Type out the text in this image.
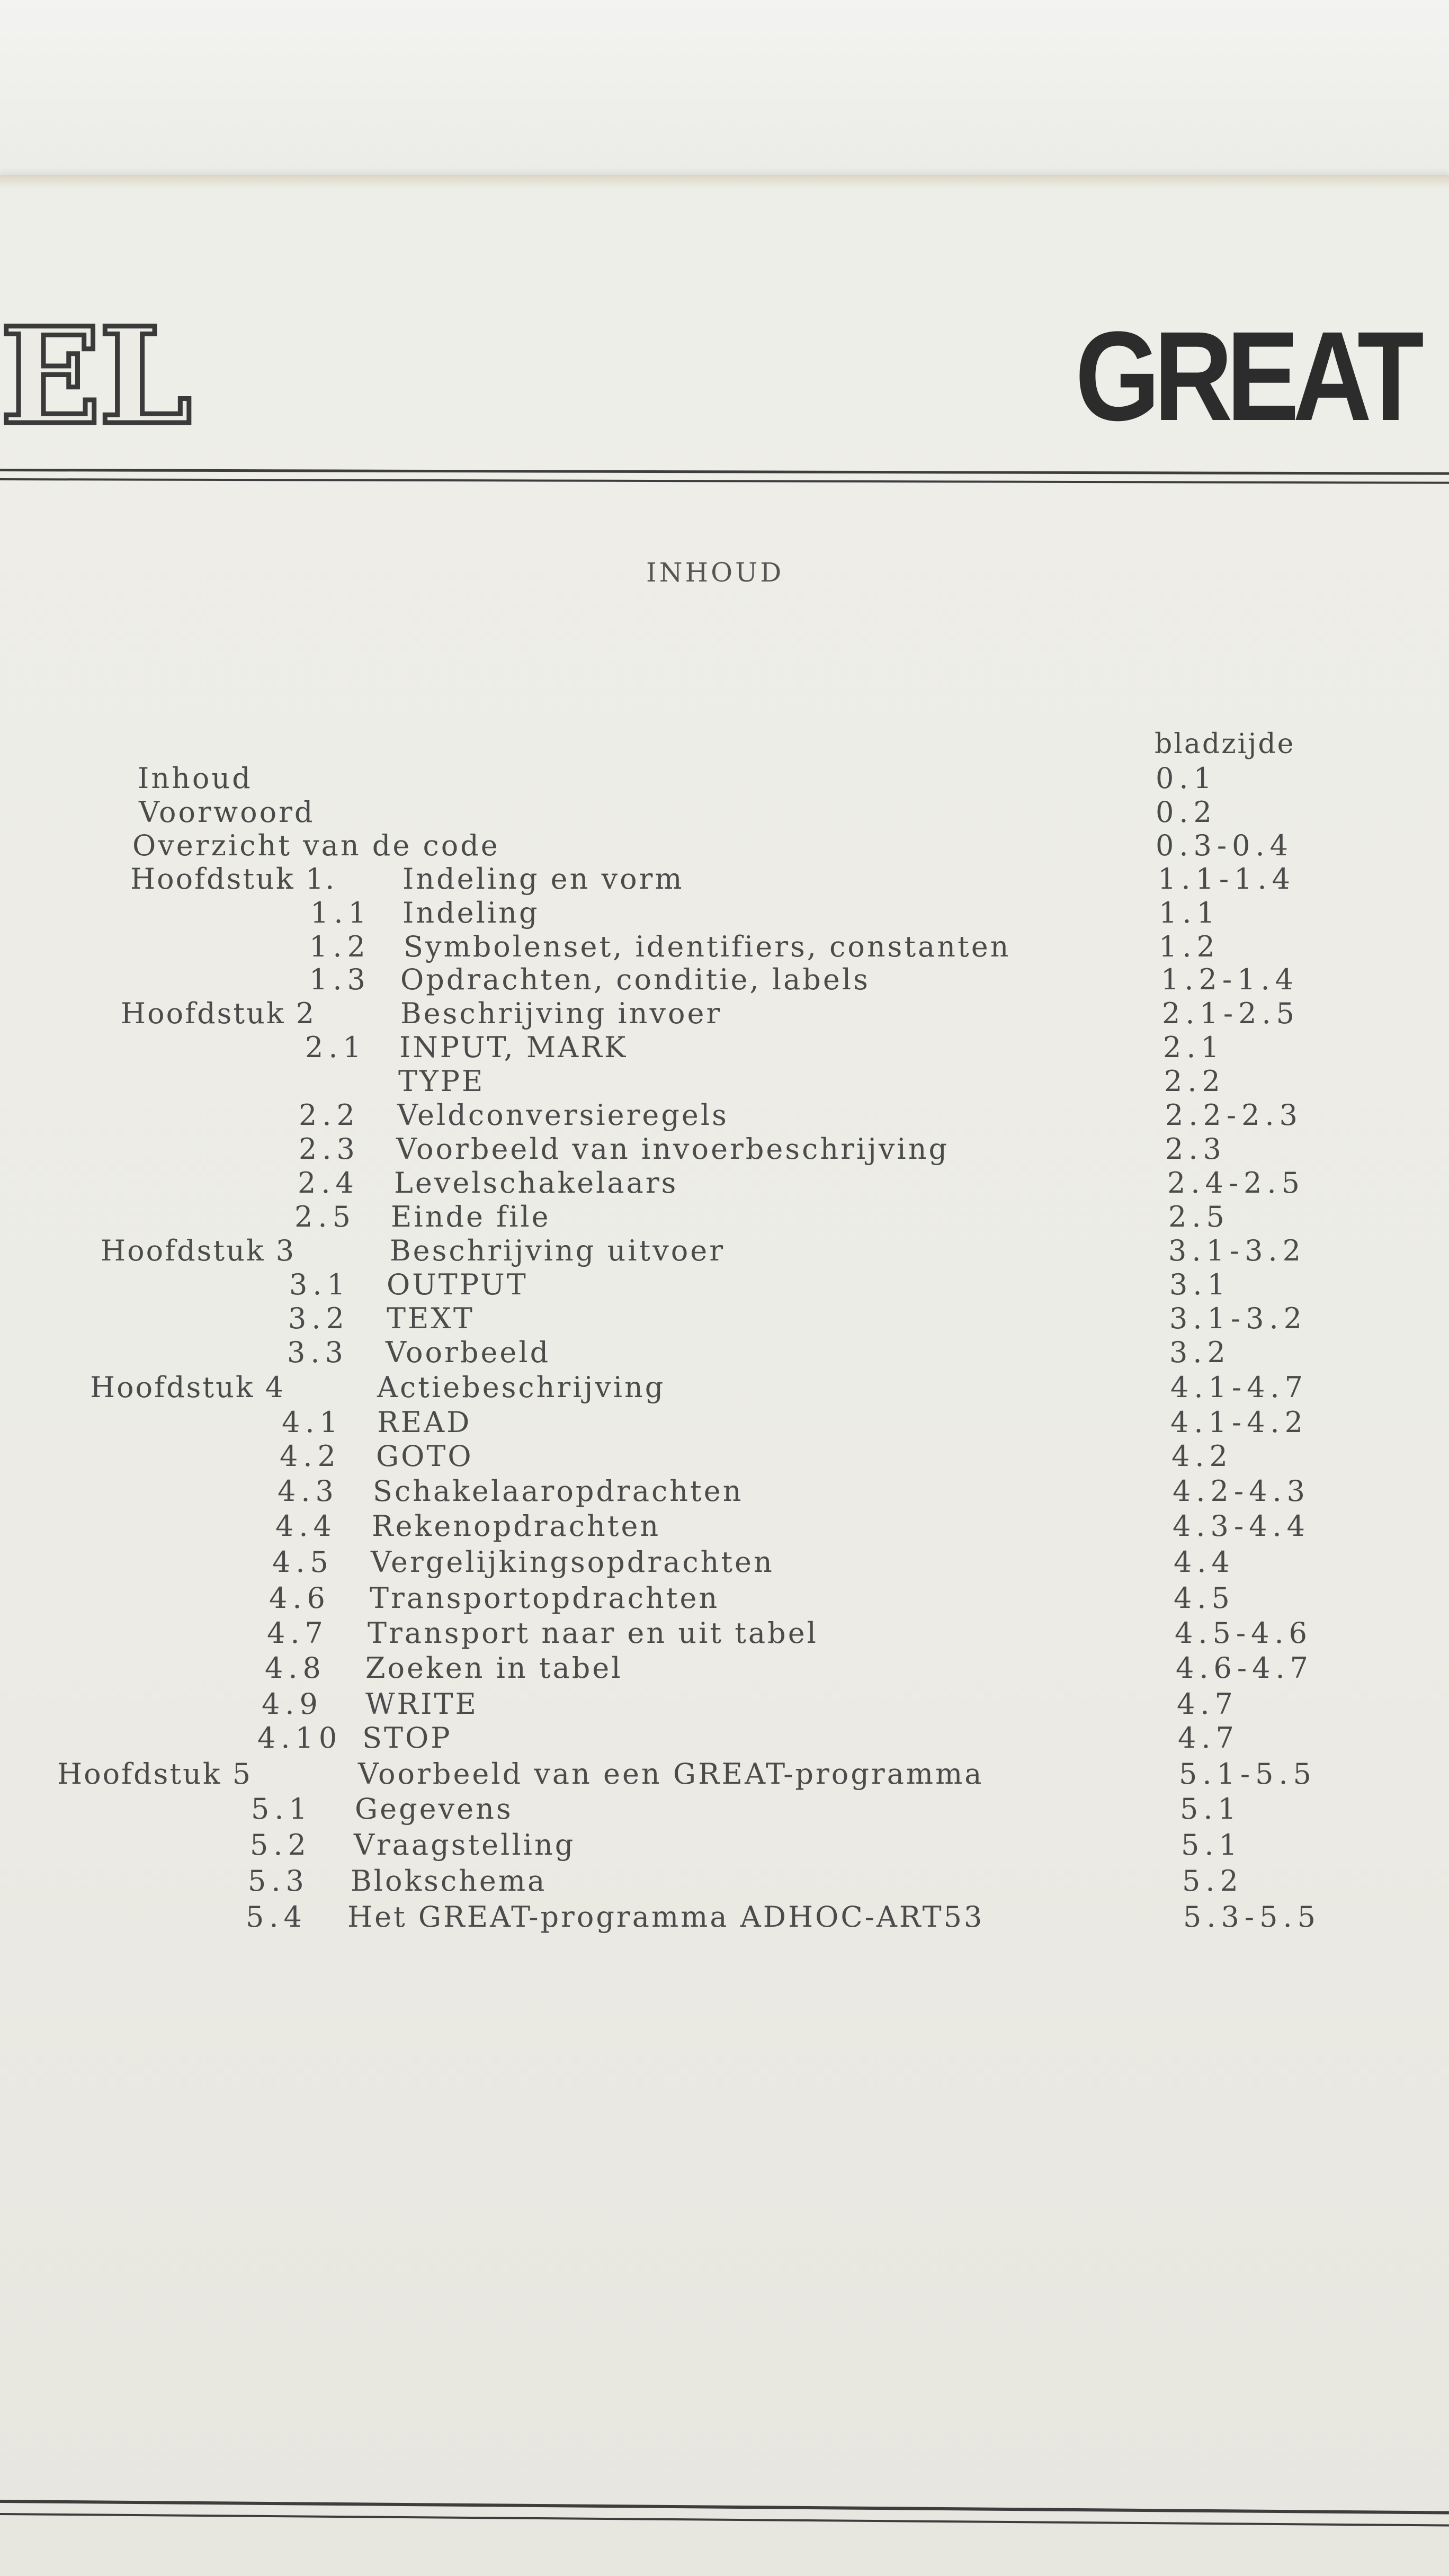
EL	GREAT
INHOUD
bladzijde
Inhoud	0.1
Voorwoord	0.2
Overzicht van de code	0.3-0.4
Hoofdstuk 1. Indeling en vorm	1.1-1.4
1.1 Indeling	1.1
1.2 Symbolenset, identifiers, constanten	1.2
1.3 Opdrachten, conditie, labels	1.2-1.4
Hoofdstuk 2	Beschrijving invoer	2.1-2.5
2.1 INPUT, MARK	2.1
TYPE	2.2
2.2 Veldconversieregels	2.2-2.3
2.3 Voorbeeld van invoerbeschrijving	2.3
2.4 Levelschakelaars	2.4-2.5
2.5 Einde file	2.5
Hoofdstuk 3	Beschrijving uitvoer	3.1-3.2
3.1 OUTPUT	3.1
3.2 TEXT	3.1-3.2
3.3 Voorbeeld	3.2
Hoofdstuk 4	Actiebeschrijving	4.1-4.7
4.1 READ	4.1-4.2
4.2 GOTO	4.2
4.3 Schakelaaropdrachten	4.2-4.3
4.4 Rekenopdrachten	4.3-4.4
4.5 Vergelijkingsopdrachten	4.4
4.6 Transportopdrachten	4.5
4.7 Transport naar en uit tabel	4.5-4.6
4.8 Zoeken in tabel	4.6-4.7
4.9 WRITE	4.7
4.10 STOP	4.7
Hoofdstuk 5	Voorbeeld van een GREAT-programma	5.1-5.5
5.1 Gegevens	5.1
5.2 Vraagstelling	5.1
5.3 Blokschema	5.2
5.4 Het GREAT-programma ADHOC-ART53	5.3-5.5
